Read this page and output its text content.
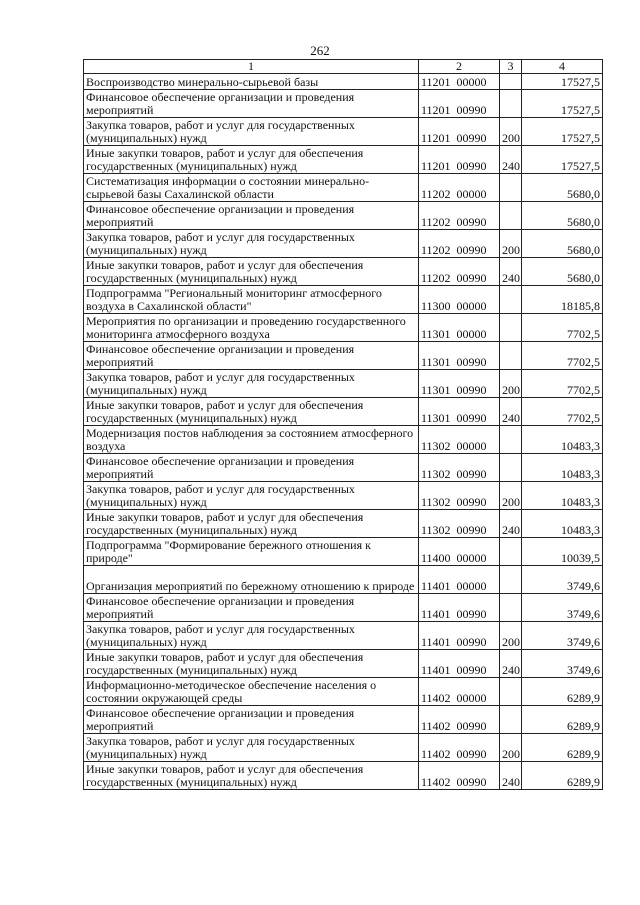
262
1	2	3	4
Воспроизводство минерально-сырьевой базы	11201  00000		17527,5
Финансовое обеспечение организации и проведения мероприятий	11201  00990		17527,5
Закупка товаров, работ и услуг для государственных (муниципальных) нужд	11201  00990	200	17527,5
Иные закупки товаров, работ и услуг для обеспечения государственных (муниципальных) нужд	11201  00990	240	17527,5
Систематизация информации о состоянии минерально-сырьевой базы Сахалинской области	11202  00000		5680,0
Финансовое обеспечение организации и проведения мероприятий	11202  00990		5680,0
Закупка товаров, работ и услуг для государственных (муниципальных) нужд	11202  00990	200	5680,0
Иные закупки товаров, работ и услуг для обеспечения государственных (муниципальных) нужд	11202  00990	240	5680,0
Подпрограмма "Региональный мониторинг атмосферного воздуха в Сахалинской области"	11300  00000		18185,8
Мероприятия по организации и проведению государственного мониторинга атмосферного воздуха	11301  00000		7702,5
Финансовое обеспечение организации и проведения мероприятий	11301  00990		7702,5
Закупка товаров, работ и услуг для государственных (муниципальных) нужд	11301  00990	200	7702,5
Иные закупки товаров, работ и услуг для обеспечения государственных (муниципальных) нужд	11301  00990	240	7702,5
Модернизация постов наблюдения за состоянием атмосферного воздуха	11302  00000		10483,3
Финансовое обеспечение организации и проведения мероприятий	11302  00990		10483,3
Закупка товаров, работ и услуг для государственных (муниципальных) нужд	11302  00990	200	10483,3
Иные закупки товаров, работ и услуг для обеспечения государственных (муниципальных) нужд	11302  00990	240	10483,3
Подпрограмма "Формирование бережного отношения к природе"	11400  00000		10039,5
Организация мероприятий по бережному отношению к природе	11401  00000		3749,6
Финансовое обеспечение организации и проведения мероприятий	11401  00990		3749,6
Закупка товаров, работ и услуг для государственных (муниципальных) нужд	11401  00990	200	3749,6
Иные закупки товаров, работ и услуг для обеспечения государственных (муниципальных) нужд	11401  00990	240	3749,6
Информационно-методическое обеспечение населения о состоянии окружающей среды	11402  00000		6289,9
Финансовое обеспечение организации и проведения мероприятий	11402  00990		6289,9
Закупка товаров, работ и услуг для государственных (муниципальных) нужд	11402  00990	200	6289,9
Иные закупки товаров, работ и услуг для обеспечения государственных (муниципальных) нужд	11402  00990	240	6289,9
